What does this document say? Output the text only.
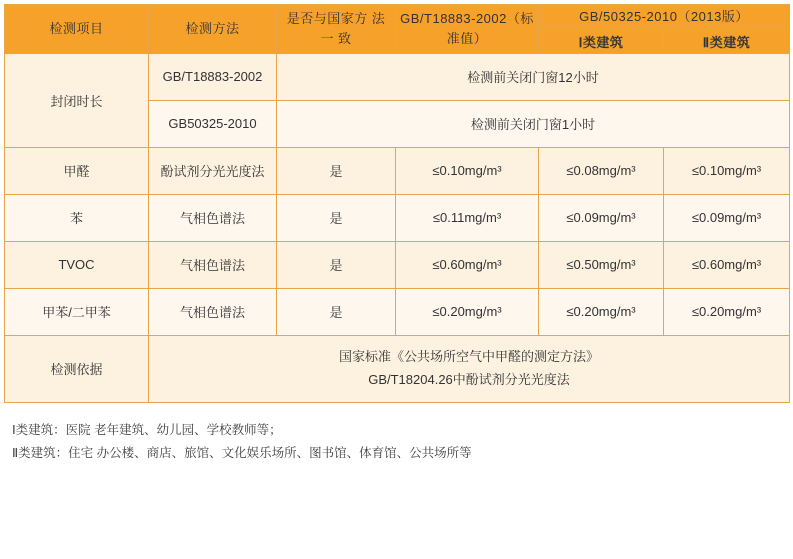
检测项目	检测方法	是否与国家方 法 一 致	GB/T18883-2002（标准值）	GB/50325-2010（2013版）	
				Ⅰ类建筑	Ⅱ类建筑
封闭时长	GB/T18883-2002	检测前关闭门窗12小时			
	GB50325-2010	检测前关闭门窗1小时			
甲醛	酚试剂分光光度法	是	≤0.10mg/m³	≤0.08mg/m³	≤0.10mg/m³
苯	气相色谱法	是	≤0.11mg/m³	≤0.09mg/m³	≤0.09mg/m³
TVOC	气相色谱法	是	≤0.60mg/m³	≤0.50mg/m³	≤0.60mg/m³
甲苯/二甲苯	气相色谱法	是	≤0.20mg/m³	≤0.20mg/m³	≤0.20mg/m³
检测依据	国家标准《公共场所空气中甲醛的测定方法》
GB/T18204.26中酚试剂分光光度法				
Ⅰ类建筑：医院 老年建筑、幼儿园、学校教师等；
Ⅱ类建筑：住宅 办公楼、商店、旅馆、文化娱乐场所、图书馆、体育馆、公共场所等
